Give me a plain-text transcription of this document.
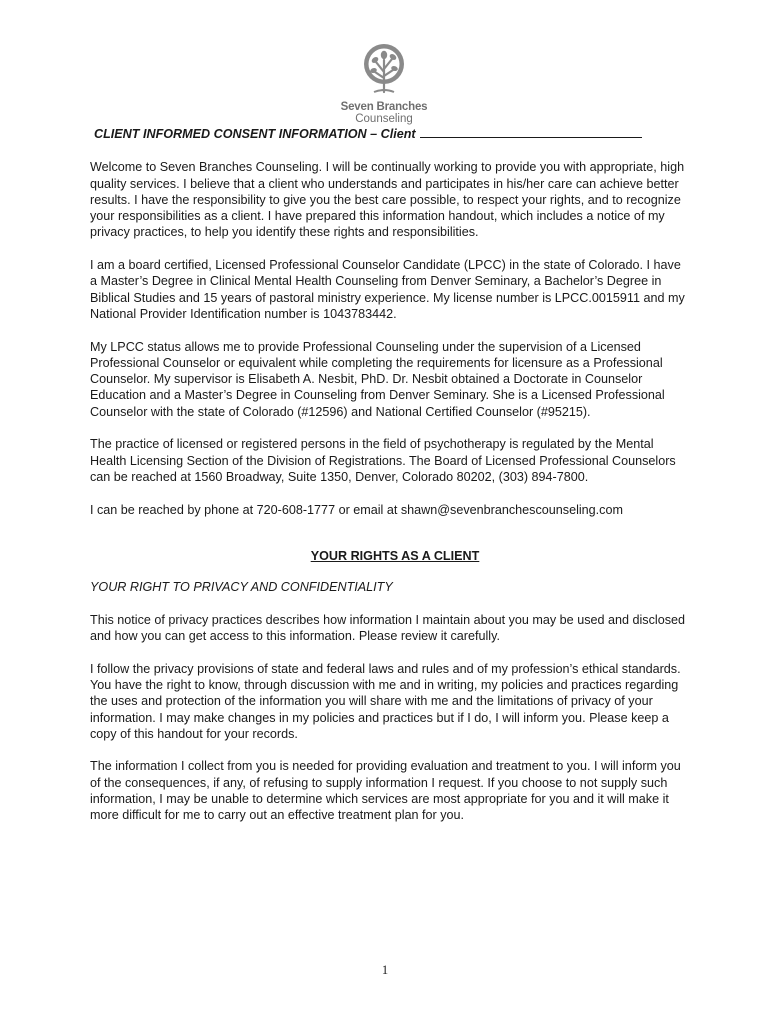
Seven Branches
Counseling
CLIENT INFORMED CONSENT INFORMATION – Client

Welcome to Seven Branches Counseling. I will be continually working to provide you with appropriate, high quality services. I believe that a client who understands and participates in his/her care can achieve better results. I have the responsibility to give you the best care possible, to respect your rights, and to recognize your responsibilities as a client. I have prepared this information handout, which includes a notice of my privacy practices, to help you identify these rights and responsibilities.

I am a board certified, Licensed Professional Counselor Candidate (LPCC) in the state of Colorado. I have a Master’s Degree in Clinical Mental Health Counseling from Denver Seminary, a Bachelor’s Degree in Biblical Studies and 15 years of pastoral ministry experience. My license number is LPCC.0015911 and my National Provider Identification number is 1043783442.

My LPCC status allows me to provide Professional Counseling under the supervision of a Licensed Professional Counselor or equivalent while completing the requirements for licensure as a Professional Counselor. My supervisor is Elisabeth A. Nesbit, PhD. Dr. Nesbit obtained a Doctorate in Counselor Education and a Master’s Degree in Counseling from Denver Seminary. She is a Licensed Professional Counselor with the state of Colorado (#12596) and National Certified Counselor (#95215).

The practice of licensed or registered persons in the field of psychotherapy is regulated by the Mental Health Licensing Section of the Division of Registrations. The Board of Licensed Professional Counselors can be reached at 1560 Broadway, Suite 1350, Denver, Colorado 80202, (303) 894-7800.

I can be reached by phone at 720-608-1777 or email at shawn@sevenbranchescounseling.com

YOUR RIGHTS AS A CLIENT

YOUR RIGHT TO PRIVACY AND CONFIDENTIALITY

This notice of privacy practices describes how information I maintain about you may be used and disclosed and how you can get access to this information. Please review it carefully.

I follow the privacy provisions of state and federal laws and rules and of my profession’s ethical standards. You have the right to know, through discussion with me and in writing, my policies and practices regarding the uses and protection of the information you will share with me and the limitations of privacy of your information. I may make changes in my policies and practices but if I do, I will inform you. Please keep a copy of this handout for your records.

The information I collect from you is needed for providing evaluation and treatment to you. I will inform you of the consequences, if any, of refusing to supply information I request. If you choose to not supply such information, I may be unable to determine which services are most appropriate for you and it will make it more difficult for me to carry out an effective treatment plan for you.

1
